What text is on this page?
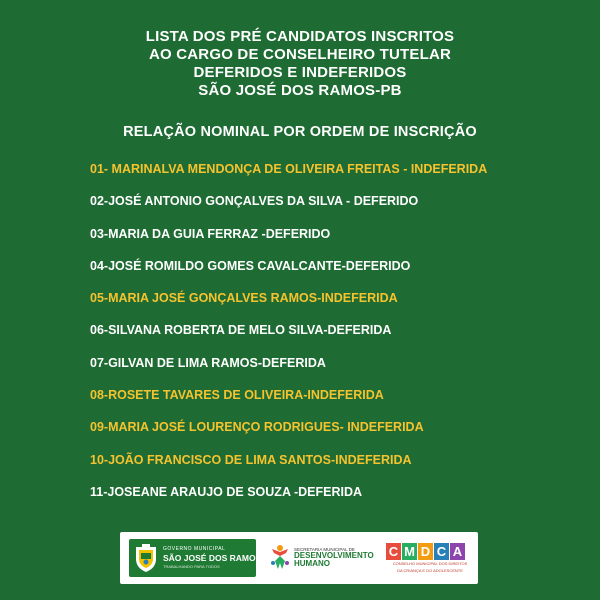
LISTA DOS PRÉ CANDIDATOS INSCRITOS
AO CARGO DE CONSELHEIRO TUTELAR
DEFERIDOS E INDEFERIDOS
SÃO JOSÉ DOS RAMOS-PB
RELAÇÃO NOMINAL POR ORDEM DE INSCRIÇÃO
01- MARINALVA MENDONÇA DE OLIVEIRA FREITAS - INDEFERIDA
02-JOSÉ ANTONIO GONÇALVES DA SILVA - DEFERIDO
03-MARIA DA GUIA FERRAZ -DEFERIDO
04-JOSÉ ROMILDO GOMES CAVALCANTE-DEFERIDO
05-MARIA JOSÉ GONÇALVES RAMOS-INDEFERIDA
06-SILVANA ROBERTA DE MELO SILVA-DEFERIDA
07-GILVAN DE LIMA RAMOS-DEFERIDA
08-ROSETE TAVARES DE OLIVEIRA-INDEFERIDA
09-MARIA JOSÉ LOURENÇO RODRIGUES- INDEFERIDA
10-JOÃO FRANCISCO DE LIMA SANTOS-INDEFERIDA
11-JOSEANE ARAUJO DE SOUZA -DEFERIDA
GOVERNO MUNICIPAL
SÃO JOSÉ DOS RAMOS
TRABALHANDO PARA TODOS
SECRETARIA MUNICIPAL DE
DESENVOLVIMENTO
HUMANO
C M D C A
CONSELHO MUNICIPAL DOS DIREITOS
DA CRIANÇA E DO ADOLESCENTE
